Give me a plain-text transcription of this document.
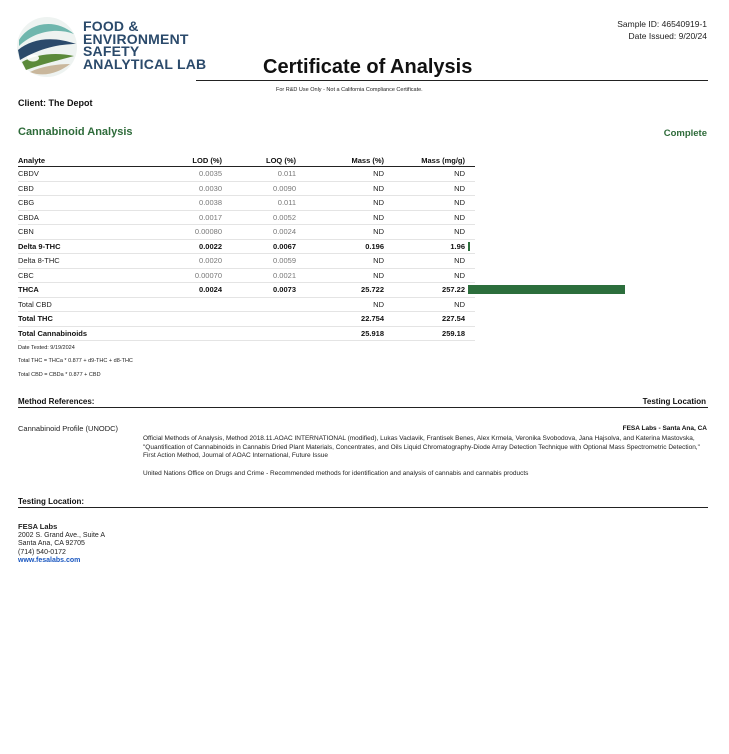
FOOD &
ENVIRONMENT
SAFETY
ANALYTICAL LAB
Sample ID: 46540919-1
Date Issued: 9/20/24
Certificate of Analysis
For R&D Use Only - Not a California Compliance Certificate.
Client: The Depot
Cannabinoid Analysis	Complete
Analyte	LOD (%)	LOQ (%)	Mass (%)	Mass (mg/g)	
CBDV	0.0035	0.011	ND	ND	
CBD	0.0030	0.0090	ND	ND	
CBG	0.0038	0.011	ND	ND	
CBDA	0.0017	0.0052	ND	ND	
CBN	0.00080	0.0024	ND	ND	
Delta 9-THC	0.0022	0.0067	0.196	1.96	

Delta 8-THC	0.0020	0.0059	ND	ND	
CBC	0.00070	0.0021	ND	ND	
THCA	0.0024	0.0073	25.722	257.22	

Total CBD			ND	ND	
Total THC			22.754	227.54	
Total Cannabinoids			25.918	259.18	
Date Tested: 9/19/2024
Total THC = THCa * 0.877 + d9-THC + d8-THC
Total CBD = CBDa * 0.877 + CBD
Method References:	Testing Location
Cannabinoid Profile (UNODC)	FESA Labs - Santa Ana, CA
Official Methods of Analysis, Method 2018.11.AOAC INTERNATIONAL (modified), Lukas Vaclavik, Frantisek Benes, Alex Krmela, Veronika Svobodova, Jana Hajsolva, and Katerina Mastovska, "Quantification of Cannabinoids in Cannabis Dried Plant Materials, Concentrates, and Oils Liquid Chromatography-Diode Array Detection Technique with Optional Mass Spectrometric Detection," First Action Method, Journal of AOAC International, Future Issue
United Nations Office on Drugs and Crime - Recommended methods for identification and analysis of cannabis and cannabis products
Testing Location:
FESA Labs
2002 S. Grand Ave., Suite A
Santa Ana, CA 92705
(714) 540-0172
www.fesalabs.com
